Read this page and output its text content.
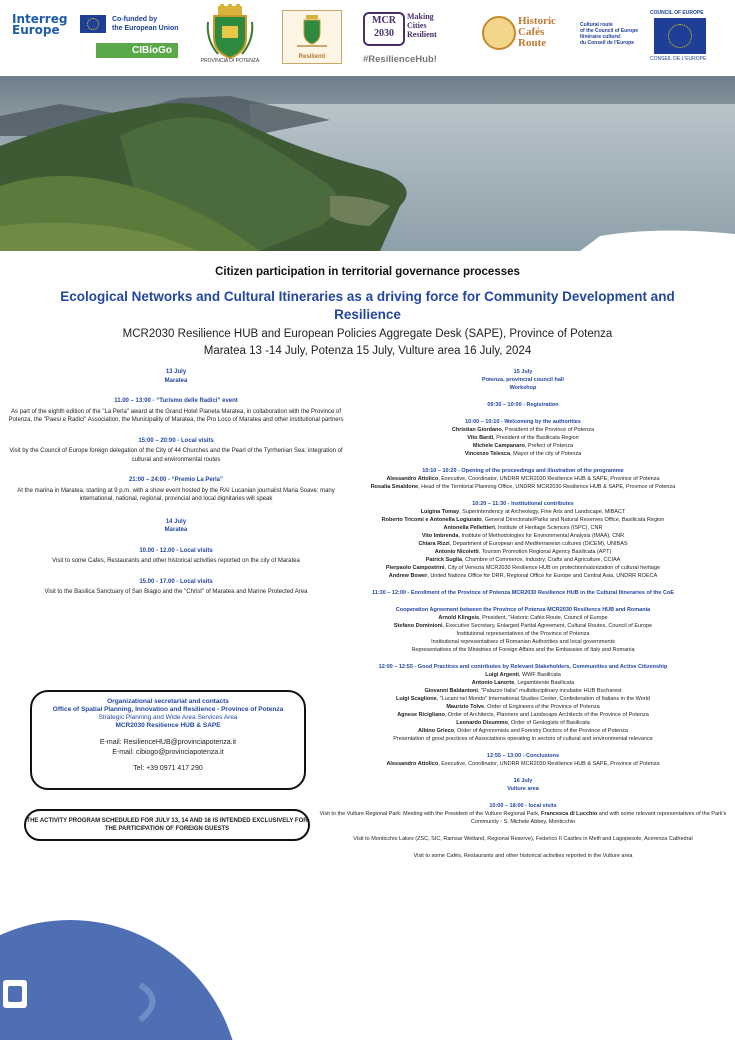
Interreg
Europe
Co-funded by
the European Union
CIBioGo
PROVINCIA DI POTENZA
Resilienti
MCR
2030
Making
Cities
Resilient
#ResilienceHub!
Historic
Cafés
Route
Cultural route
of the Council of Europe
Itinéraire culturel
du Conseil de l'Europe
COUNCIL OF EUROPE
CONSEIL DE L'EUROPE
Citizen participation in territorial governance processes
Ecological Networks and Cultural Itineraries as a driving force for Community Development and Resilience
MCR2030 Resilience HUB and European Policies Aggregate Desk (SAPE), Province of Potenza
Maratea 13 -14 July, Potenza 15 July, Vulture area 16 July, 2024
13 July
Maratea
11.00 – 13:00 - “Turismo delle Radici” event
As part of the eighth edition of the "La Perla" award at the Grand Hotel Pianeta Maratea, in collaboration with the Province of Potenza, the "Paesi e Radici" Association, the Municipality of Maratea, the Pro Loco of Maratea and other institutional partners
15:00 – 20:00 - Local visits
Visit by the Council of Europe foreign delegation of the City of 44 Churches and the Pearl of the Tyrrhenian Sea: integration of cultural and environmental routes
21:00 – 24:00 - “Premio La Perla”
At the marina in Maratea, starting at 9 p.m. with a show event hosted by the RAI Lucanian journalist Maria Soave; many international, national, regional, provincial and local dignitaries will speak
14 July
Maratea
10.00 - 12.00 - Local visits
Visit to some Cafes, Restaurants and other historical activities reported on the city of Maratea
15.00 - 17.00 - Local visits
Visit to the Basilica Sanctuary of San Biagio and the "Christ" of Maratea and Marine Protected Area
Organizational secretariat and contacts
Office of Spatial Planning, Innovation and Resilience - Province of Potenza
Strategic Planning and Wide Area Services Area
MCR2030 Resilience HUB & SAPE
E-mail: ResilienceHUB@provinciapotenza.it
E-mail: cibiogo@provinciapotenza.it
Tel: +39 0971 417 290
THE ACTIVITY PROGRAM SCHEDULED FOR JULY 13, 14 AND 16 IS INTENDED EXCLUSIVELY FOR THE PARTICIPATION OF FOREIGN GUESTS
15 July
Potenza, provincial council hall
Workshop
09:30 – 10:00 - Registration
10:00 – 10:10 - Welcoming by the authorities
Christian Giordano, President of the Province of Potenza
Vito Bardi, President of the Basilicata Region
Michele Campanaro, Prefect of Potenza
Vincenzo Telesca, Mayor of the city of Potenza
10:10 – 10:20 - Opening of the proceedings and illustration of the programme
Alessandro Attolico, Executive, Coordinator, UNDRR MCR2030 Resilience HUB & SAPE, Province of Potenza
Rosalia Smaldone, Head of the Territorial Planning Office, UNDRR MCR2030 Resilience HUB & SAPE, Province of Potenza
10:20 – 11:30 - Institutional contributes
Luigina Tomay, Superintendency at Archeology, Fine Arts and Landscape, MiBACT
Roberto Tricomi e Antonella Logiurato, General Directorate/Parks and Natural Reserves Office, Basilicata Region
Antonella Pellettieri, Institute of Heritage Sciences (ISPC), CNR
Vito Imbrenda, Institute of Methodologies for Environmental Analysis (IMAA), CNR
Chiara Rizzi, Department of European and Mediterranean cultures (DiCEM), UNIBAS
Antonio Nicoletti, Tourism Promotion Regional Agency Basilicata (APT)
Patrick Suglia, Chambre of Commerce, Industry, Crafts and Agriculture, CCIAA
Pierpaolo Campostrini, City of Venezia MCR2030 Resilience HUB on protection/valorization of cultural heritage
Andrew Bower, United Nations Office for DRR, Regional Office for Europe and Central Asia, UNDRR ROECA
11:30 – 12:00 - Enrollment of the Province of Potenza MCR2030 Resilience HUB in the Cultural Itineraries of the CoE
Cooperation Agreement between the Province of Potenza MCR2030 Resilience HUB and Romania
Arnold Klingeis, President, "Historic Cafés Route, Council of Europe
Stefano Dominioni, Executive Secretary, Enlarged Partial Agreement, Cultural Routes, Council of Europe
Institutional representatives of the Province of Potenza
Institutional representatives of Romanian Authorities and local governments
Representatives of the Ministries of Foreign Affairs and the Embassies of Italy and Romania
12:00 – 12:55 - Good Practices and contributes by Relevant Stakeholders, Communities and Active Citizenship
Luigi Argenti, WWF Basilicata
Antonio Lanorte, Legambiente Basilicata
Giovanni Baldantoni, "Palazzo Italia" multidisciplinary incubator HUB Bucharest
Luigi Scaglione, "Lucani nel Mondo" International Studies Center, Confederation of Italians in the World
Maurizio Tolve, Order of Engineers of the Province of Potenza
Agnese Ricigliano, Order of Architects, Planners and Landscape Architects of the Province of Potenza
Leonardo Disummo, Order of Geologists of Basilicata
Albino Grieco, Order of Agronomists and Forestry Doctors of the Province of Potenza
Presentation of good practices of Associations operating in sectors of cultural and environmental relevance
12:55 – 13:00 - Conclusions
Alessandro Attolico, Executive, Coordinator, UNDRR MCR2030 Resilience HUB & SAPE, Province of Potenza
16 July
Vulture area
10:00 – 18:00 - local visits
Visit to the Vulture Regional Park: Meeting with the President of the Vulture Regional Park, Francesca di Lucchio and with some relevant representatives of the Park's Community - S. Michele Abbey, Monticchio
Visit to Monticchio Lakes (ZSC, SIC, Ramsar Wetland, Regional Reserve), Federico II Castles in Melfi and Lagopesole, Acerenza Cathedral
Visit to some Cafés, Restaurants and other historical activities reported in the Vulture area
